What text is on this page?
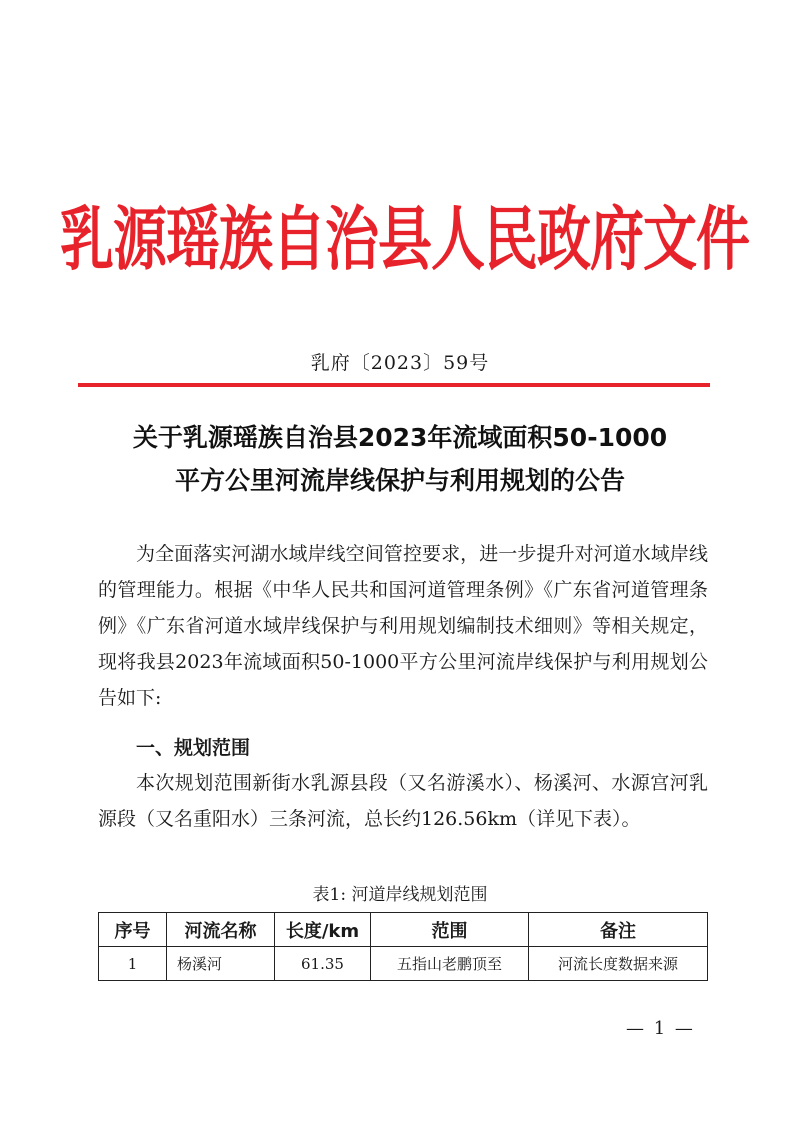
乳源瑶族自治县人民政府文件
乳府〔2023〕59号
关于乳源瑶族自治县2023年流域面积50-1000
平方公里河流岸线保护与利用规划的公告
为全面落实河湖水域岸线空间管控要求，进一步提升对河道水域岸线的管理能力。根据《中华人民共和国河道管理条例》《广东省河道管理条例》《广东省河道水域岸线保护与利用规划编制技术细则》等相关规定，现将我县2023年流域面积50-1000平方公里河流岸线保护与利用规划公告如下:
一、规划范围
本次规划范围新街水乳源县段（又名游溪水）、杨溪河、水源宫河乳源段（又名重阳水）三条河流，总长约126.56km（详见下表）。
表1: 河道岸线规划范围
序号	河流名称	长度/km	范围	备注
1	杨溪河	61.35	五指山老鹏顶至	河流长度数据来源
— 1 —
